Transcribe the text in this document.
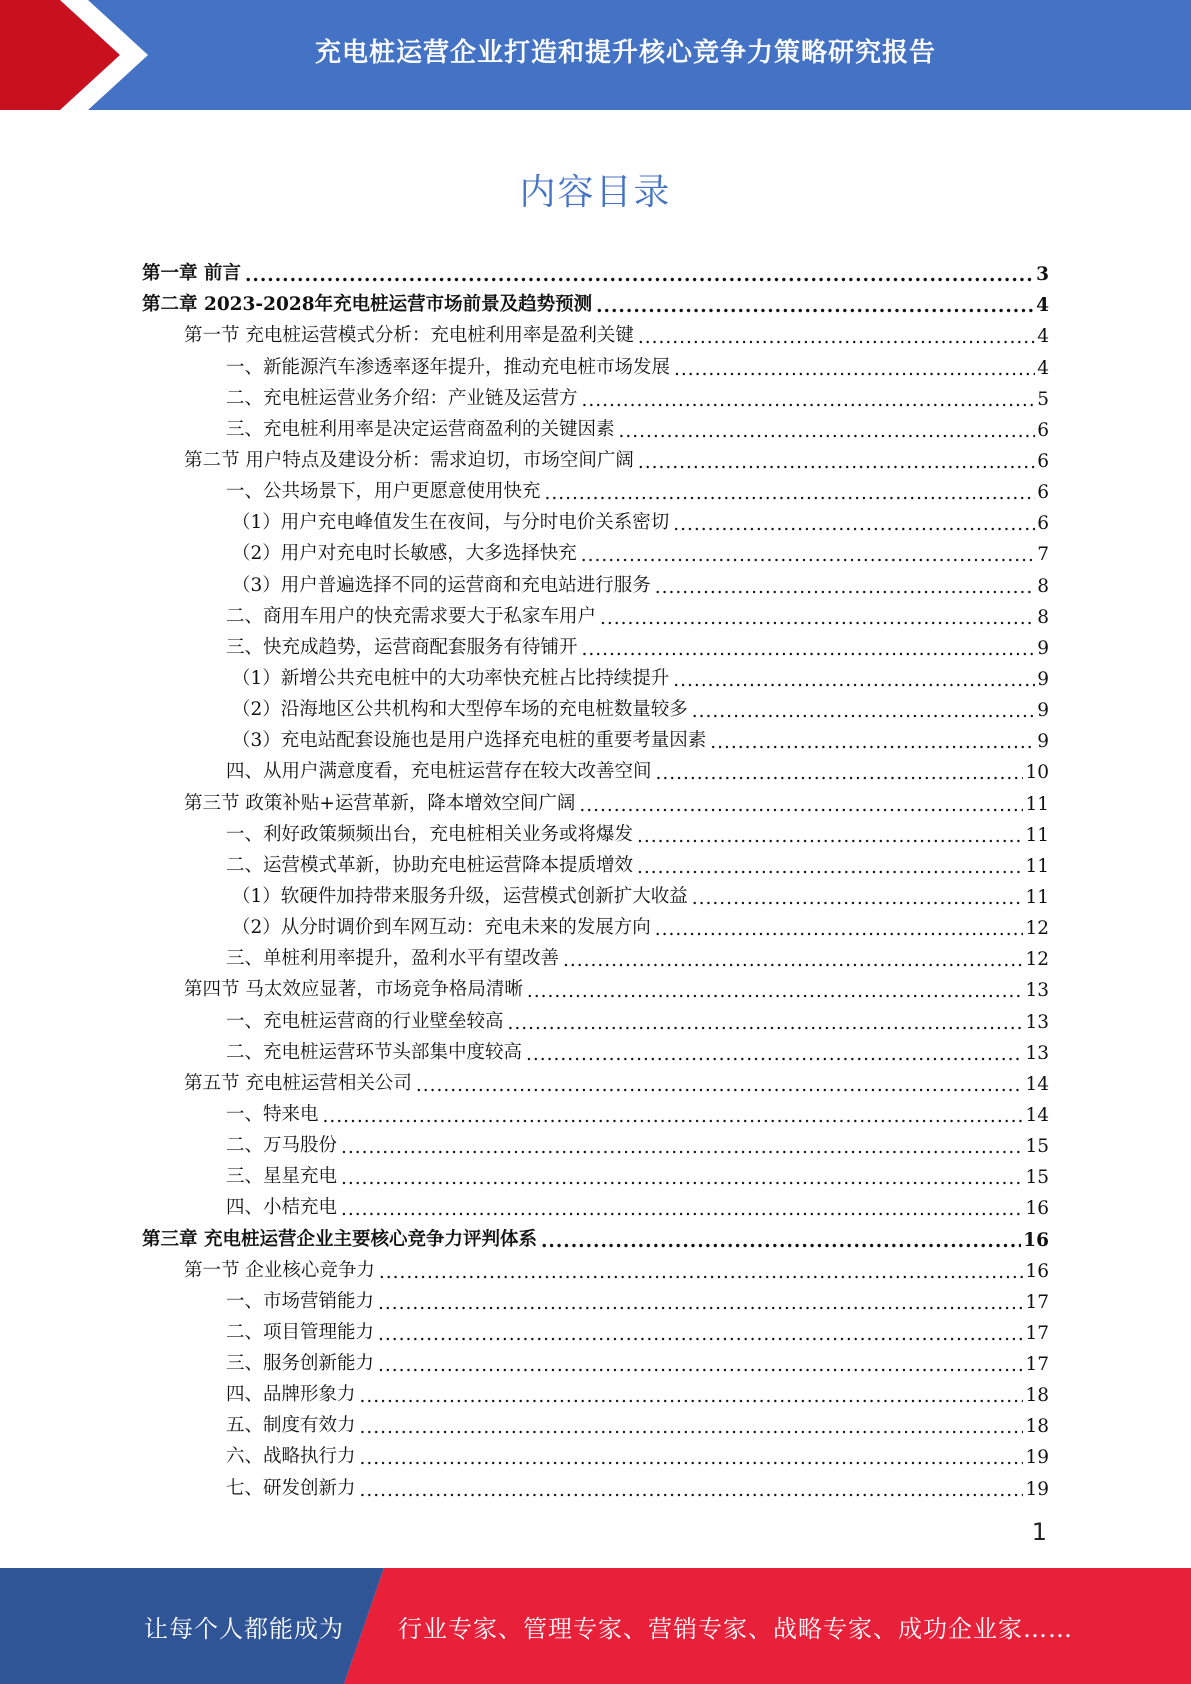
充电桩运营企业打造和提升核心竞争力策略研究报告
内容目录
第一章 前言 .....	3
第二章 2023-2028年充电桩运营市场前景及趋势预测 .....	4
第一节 充电桩运营模式分析：充电桩利用率是盈利关键 .....	4
一、新能源汽车渗透率逐年提升，推动充电桩市场发展 .....	4
二、充电桩运营业务介绍：产业链及运营方 .....	5
三、充电桩利用率是决定运营商盈利的关键因素 .....	6
第二节 用户特点及建设分析：需求迫切，市场空间广阔 .....	6
一、公共场景下，用户更愿意使用快充 .....	6
（1）用户充电峰值发生在夜间，与分时电价关系密切 .....	6
（2）用户对充电时长敏感，大多选择快充 .....	7
（3）用户普遍选择不同的运营商和充电站进行服务 .....	8
二、商用车用户的快充需求要大于私家车用户 .....	8
三、快充成趋势，运营商配套服务有待铺开 .....	9
（1）新增公共充电桩中的大功率快充桩占比持续提升 .....	9
（2）沿海地区公共机构和大型停车场的充电桩数量较多 .....	9
（3）充电站配套设施也是用户选择充电桩的重要考量因素 .....	9
四、从用户满意度看，充电桩运营存在较大改善空间 .....	10
第三节 政策补贴+运营革新，降本增效空间广阔 .....	11
一、利好政策频频出台，充电桩相关业务或将爆发 .....	11
二、运营模式革新，协助充电桩运营降本提质增效 .....	11
（1）软硬件加持带来服务升级，运营模式创新扩大收益 .....	11
（2）从分时调价到车网互动：充电未来的发展方向 .....	12
三、单桩利用率提升，盈利水平有望改善 .....	12
第四节 马太效应显著，市场竞争格局清晰 .....	13
一、充电桩运营商的行业壁垒较高 .....	13
二、充电桩运营环节头部集中度较高 .....	13
第五节 充电桩运营相关公司 .....	14
一、特来电 .....	14
二、万马股份 .....	15
三、星星充电 .....	15
四、小桔充电 .....	16
第三章 充电桩运营企业主要核心竞争力评判体系 .....	16
第一节 企业核心竞争力 .....	16
一、市场营销能力 .....	17
二、项目管理能力 .....	17
三、服务创新能力 .....	17
四、品牌形象力 .....	18
五、制度有效力 .....	18
六、战略执行力 .....	19
七、研发创新力 .....	19
1
让每个人都能成为 行业专家、管理专家、营销专家、战略专家、成功企业家……
